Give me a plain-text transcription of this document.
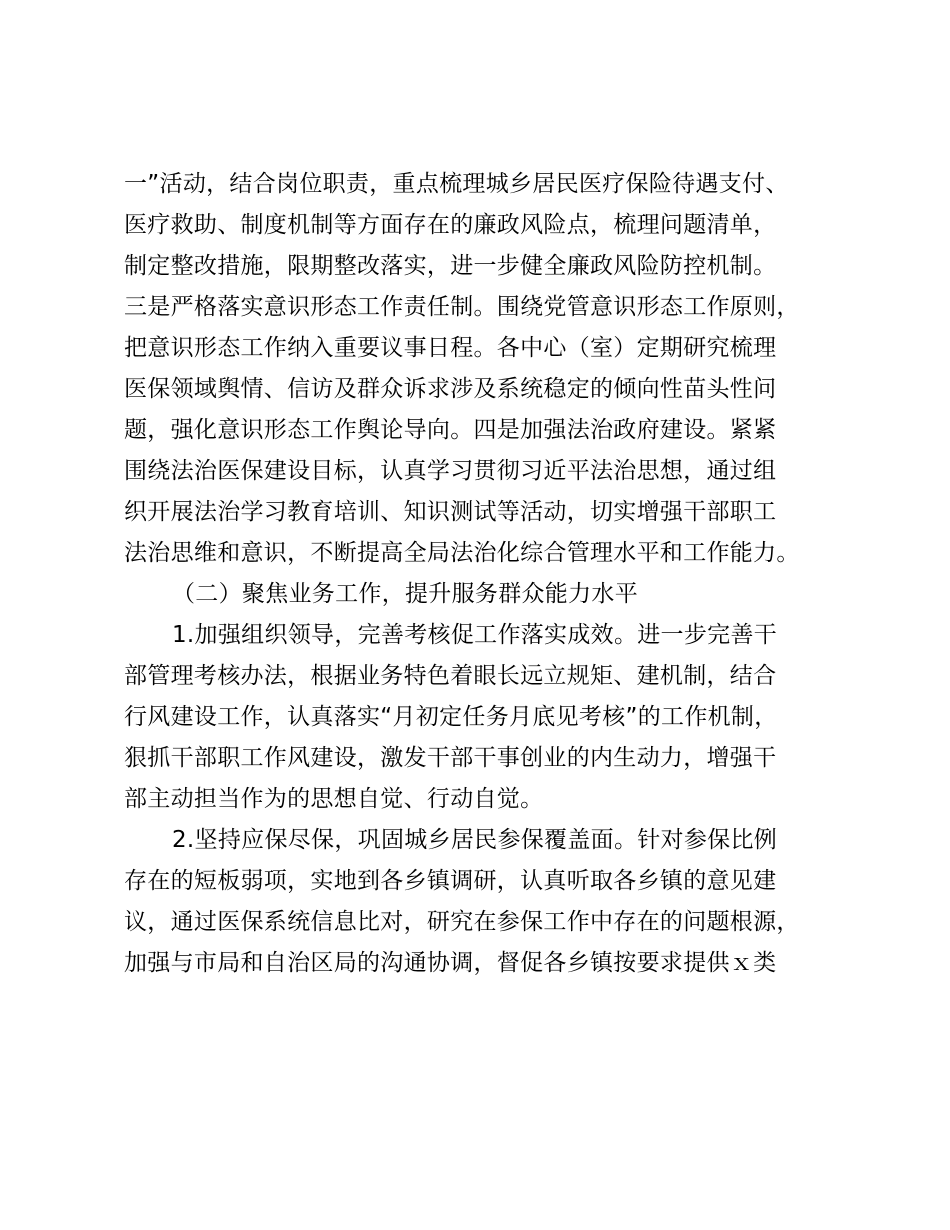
一”活动，结合岗位职责，重点梳理城乡居民医疗保险待遇支付、
医疗救助、制度机制等方面存在的廉政风险点，梳理问题清单，
制定整改措施，限期整改落实，进一步健全廉政风险防控机制。
三是严格落实意识形态工作责任制。围绕党管意识形态工作原则，
把意识形态工作纳入重要议事日程。各中心（室）定期研究梳理
医保领域舆情、信访及群众诉求涉及系统稳定的倾向性苗头性问
题，强化意识形态工作舆论导向。四是加强法治政府建设。紧紧
围绕法治医保建设目标，认真学习贯彻习近平法治思想，通过组
织开展法治学习教育培训、知识测试等活动，切实增强干部职工
法治思维和意识，不断提高全局法治化综合管理水平和工作能力。
（二）聚焦业务工作，提升服务群众能力水平
1.加强组织领导，完善考核促工作落实成效。进一步完善干
部管理考核办法，根据业务特色着眼长远立规矩、建机制，结合
行风建设工作，认真落实“月初定任务月底见考核”的工作机制，
狠抓干部职工作风建设，激发干部干事创业的内生动力，增强干
部主动担当作为的思想自觉、行动自觉。
2.坚持应保尽保，巩固城乡居民参保覆盖面。针对参保比例
存在的短板弱项，实地到各乡镇调研，认真听取各乡镇的意见建
议，通过医保系统信息比对，研究在参保工作中存在的问题根源，
加强与市局和自治区局的沟通协调，督促各乡镇按要求提供ｘ类
